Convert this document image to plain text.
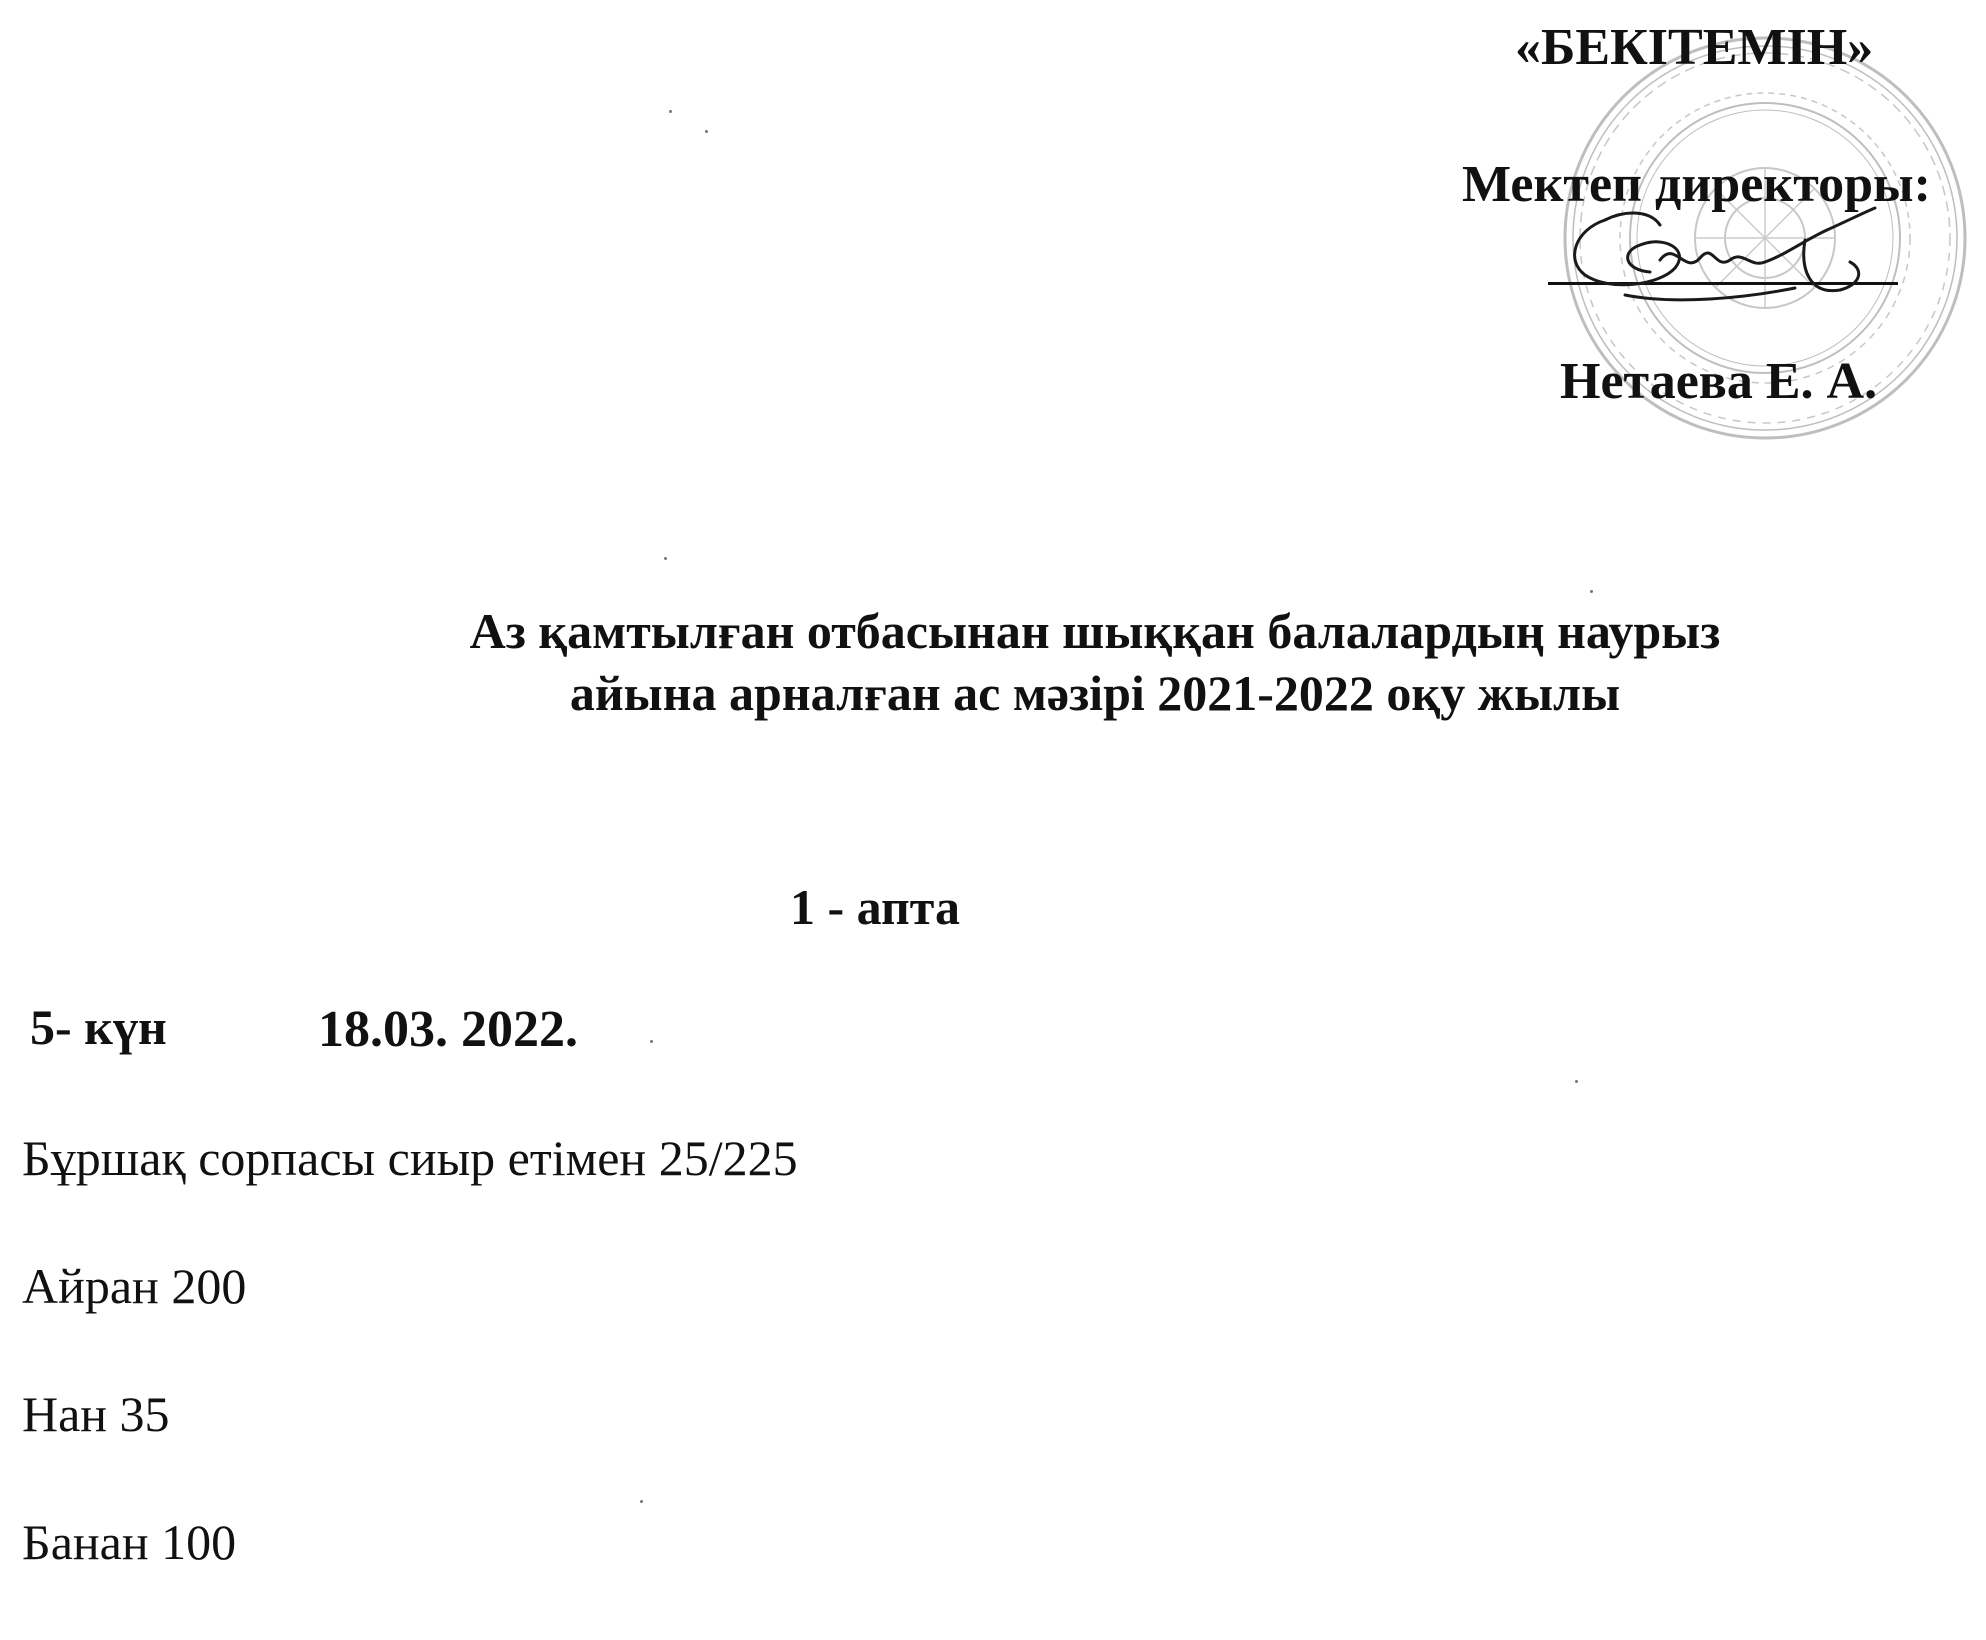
«БЕКІТЕМІН»
Мектеп директоры:
Нетаева Е. А.
Аз қамтылған отбасынан шыққан балалардың наурыз
айына арналған ас мәзірі 2021-2022 оқу жылы
1 - апта
5- күн	18.03. 2022.
Бұршақ сорпасы сиыр етімен 25/225
Айран 200
Нан 35
Банан 100
